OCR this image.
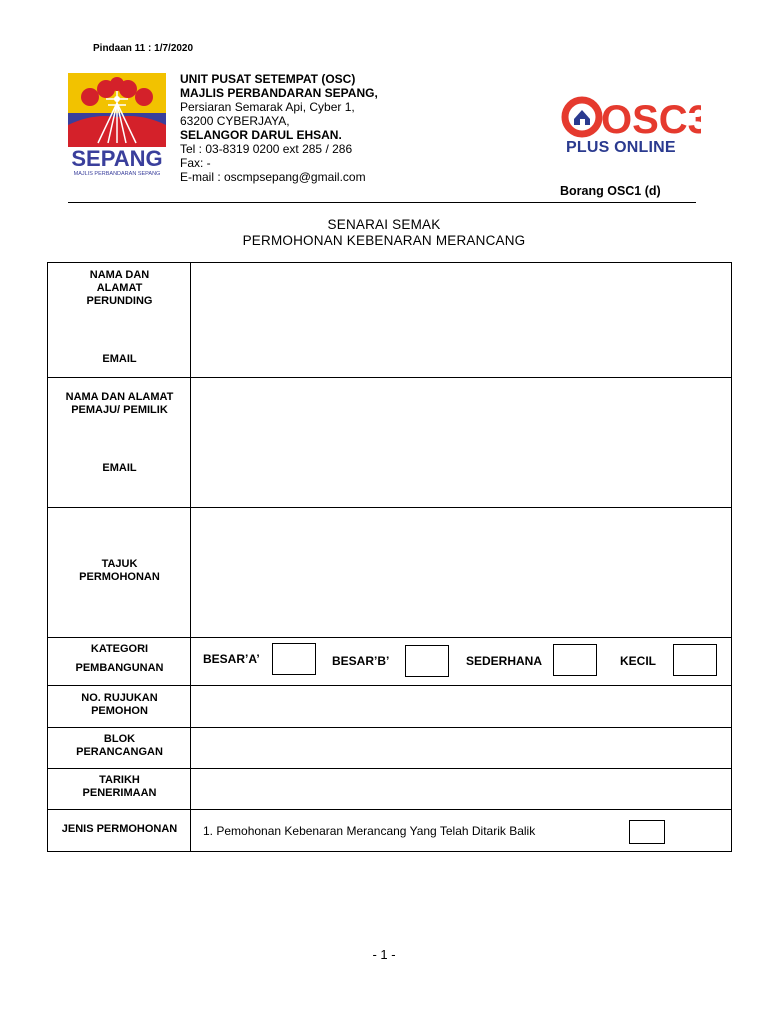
Pindaan 11 : 1/7/2020
SEPANG
MAJLIS PERBANDARAN SEPANG
UNIT PUSAT SETEMPAT (OSC)
MAJLIS PERBANDARAN SEPANG,
Persiaran Semarak Api, Cyber 1,
63200 CYBERJAYA,
SELANGOR DARUL EHSAN.
Tel : 03-8319 0200 ext 285 / 286
Fax: -
E-mail : oscmpsepang@gmail.com
OSC3
PLUS ONLINE
Borang OSC1 (d)
SENARAI SEMAK
PERMOHONAN KEBENARAN MERANCANG
NAMA DAN
ALAMAT
PERUNDING
EMAIL
NAMA DAN ALAMAT
PEMAJU/ PEMILIK
EMAIL
TAJUK
PERMOHONAN
KATEGORI
PEMBANGUNAN
BESAR’A’	BESAR’B’	SEDERHANA	KECIL
NO. RUJUKAN
PEMOHON
BLOK
PERANCANGAN
TARIKH
PENERIMAAN
JENIS PERMOHONAN	1. Pemohonan Kebenaran Merancang Yang Telah Ditarik Balik
- 1 -
